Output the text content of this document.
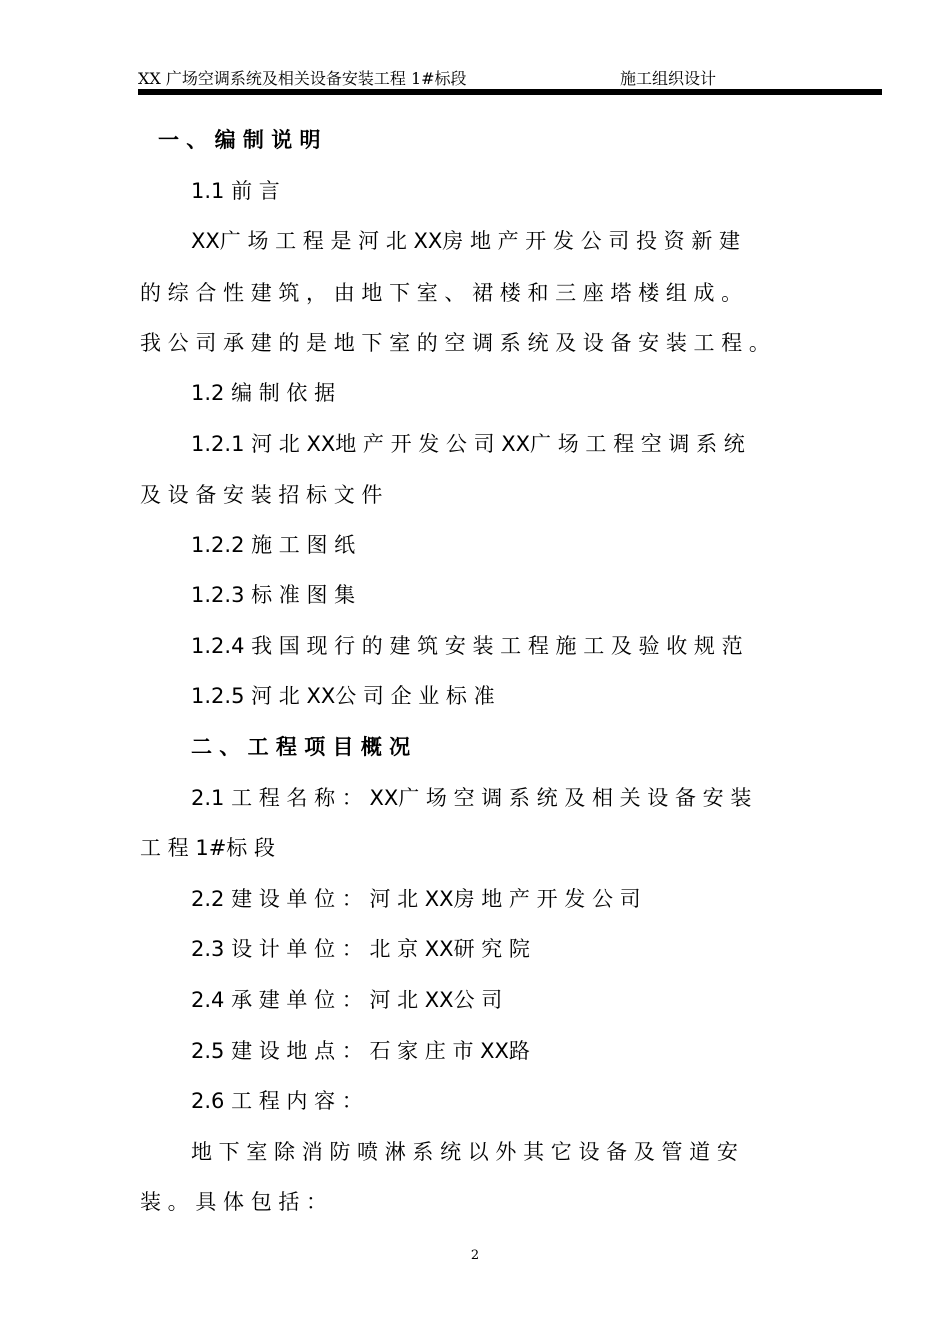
XX 广场空调系统及相关设备安装工程 1#标段	施工组织设计
一 、 编 制 说 明
1.1 前 言
XX广 场 工 程 是 河 北 XX房 地 产 开 发 公 司 投 资 新 建
的 综 合 性 建 筑 ， 由 地 下 室 、 裙 楼 和 三 座 塔 楼 组 成 。
我 公 司 承 建 的 是 地 下 室 的 空 调 系 统 及 设 备 安 装 工 程 。
1.2 编 制 依 据
1.2.1 河 北 XX地 产 开 发 公 司 XX广 场 工 程 空 调 系 统
及 设 备 安 装 招 标 文 件
1.2.2 施 工 图 纸
1.2.3 标 准 图 集
1.2.4 我 国 现 行 的 建 筑 安 装 工 程 施 工 及 验 收 规 范
1.2.5 河 北 XX公 司 企 业 标 准
二 、 工 程 项 目 概 况
2.1 工 程 名 称 ： XX广 场 空 调 系 统 及 相 关 设 备 安 装
工 程 1#标 段
2.2 建 设 单 位 ： 河 北 XX房 地 产 开 发 公 司
2.3 设 计 单 位 ： 北 京 XX研 究 院
2.4 承 建 单 位 ： 河 北 XX公 司
2.5 建 设 地 点 ： 石 家 庄 市 XX路
2.6 工 程 内 容 ：
地 下 室 除 消 防 喷 淋 系 统 以 外 其 它 设 备 及 管 道 安
装 。 具 体 包 括 ：
2
